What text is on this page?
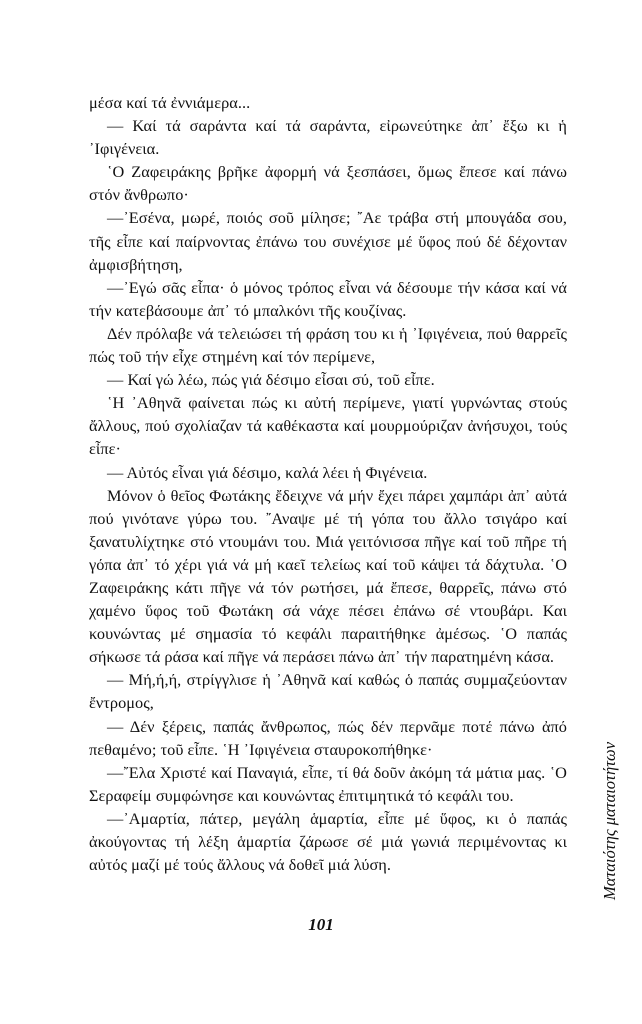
μέσα καί τά ἐννιάμερα...

— Καί τά σαράντα καί τά σαράντα, εἰρωνεύτηκε ἀπ᾿ ἔξω κι ἡ ᾿Ιφιγένεια.

῾Ο Ζαφειράκης βρῆκε ἀφορμή νά ξεσπάσει, ὅμως ἔπεσε καί πάνω στόν ἄνθρωπο·

—᾿Εσένα, μωρέ, ποιός σοῦ μίλησε; ῎Αε τράβα στή μπουγάδα σου, τῆς εἶπε καί παίρνοντας ἐπάνω του συνέχισε μέ ὕφος πού δέ δέχονταν ἀμφισβήτηση,

—᾿Εγώ σᾶς εἶπα· ὁ μόνος τρόπος εἶναι νά δέσουμε τήν κάσα καί νά τήν κατεβάσουμε ἀπ᾿ τό μπαλκόνι τῆς κουζίνας.

Δέν πρόλαβε νά τελειώσει τή φράση του κι ἡ ᾿Ιφιγένεια, πού θαρρεῖς πώς τοῦ τήν εἶχε στημένη καί τόν περίμενε,

— Καί γώ λέω, πώς γιά δέσιμο εἶσαι σύ, τοῦ εἶπε.

῾Η ᾿Αθηνᾶ φαίνεται πώς κι αὐτή περίμενε, γιατί γυρνώντας στούς ἄλλους, πού σχολίαζαν τά καθέκαστα καί μουρμούριζαν ἀνήσυχοι, τούς εἶπε·

— Αὐτός εἶναι γιά δέσιμο, καλά λέει ἡ Φιγένεια.

Μόνον ὁ θεῖος Φωτάκης ἔδειχνε νά μήν ἔχει πάρει χαμπάρι ἀπ᾿ αὐτά πού γινότανε γύρω του. ῎Αναψε μέ τή γόπα του ἄλλο τσιγάρο καί ξανατυλίχτηκε στό ντουμάνι του. Μιά γειτόνισσα πῆγε καί τοῦ πῆρε τή γόπα ἀπ᾿ τό χέρι γιά νά μή καεῖ τελείως καί τοῦ κάψει τά δάχτυλα. ῾Ο Ζαφειράκης κάτι πῆγε νά τόν ρωτήσει, μά ἔπεσε, θαρρεῖς, πάνω στό χαμένο ὕφος τοῦ Φωτάκη σά νάχε πέσει ἐπάνω σέ ντουβάρι. Και κουνώντας μέ σημασία τό κεφάλι παραιτήθηκε ἀμέσως. ῾Ο παπάς σήκωσε τά ράσα καί πῆγε νά περάσει πάνω ἀπ᾿ τήν παρατημένη κάσα.

— Μή,ή,ή, στρίγγλισε ἡ ᾿Αθηνᾶ καί καθώς ὁ παπάς συμμαζεύονταν ἔντρομος,

— Δέν ξέρεις, παπάς ἄνθρωπος, πώς δέν περνᾶμε ποτέ πάνω ἀπό πεθαμένο; τοῦ εἶπε. ῾Η ᾿Ιφιγένεια σταυροκοπήθηκε·

—῎Ελα Χριστέ καί Παναγιά, εἶπε, τί θά δοῦν ἀκόμη τά μάτια μας. ῾Ο Σεραφείμ συμφώνησε και κουνώντας ἐπιτιμητικά τό κεφάλι του.

—᾿Αμαρτία, πάτερ, μεγάλη ἁμαρτία, εἶπε μέ ὕφος, κι ὁ παπάς ἀκούγοντας τή λέξη ἁμαρτία ζάρωσε σέ μιά γωνιά περιμένοντας κι αὐτός μαζί μέ τούς ἄλλους νά δοθεῖ μιά λύση.

101
Ματαιότης ματαιοτήτων
